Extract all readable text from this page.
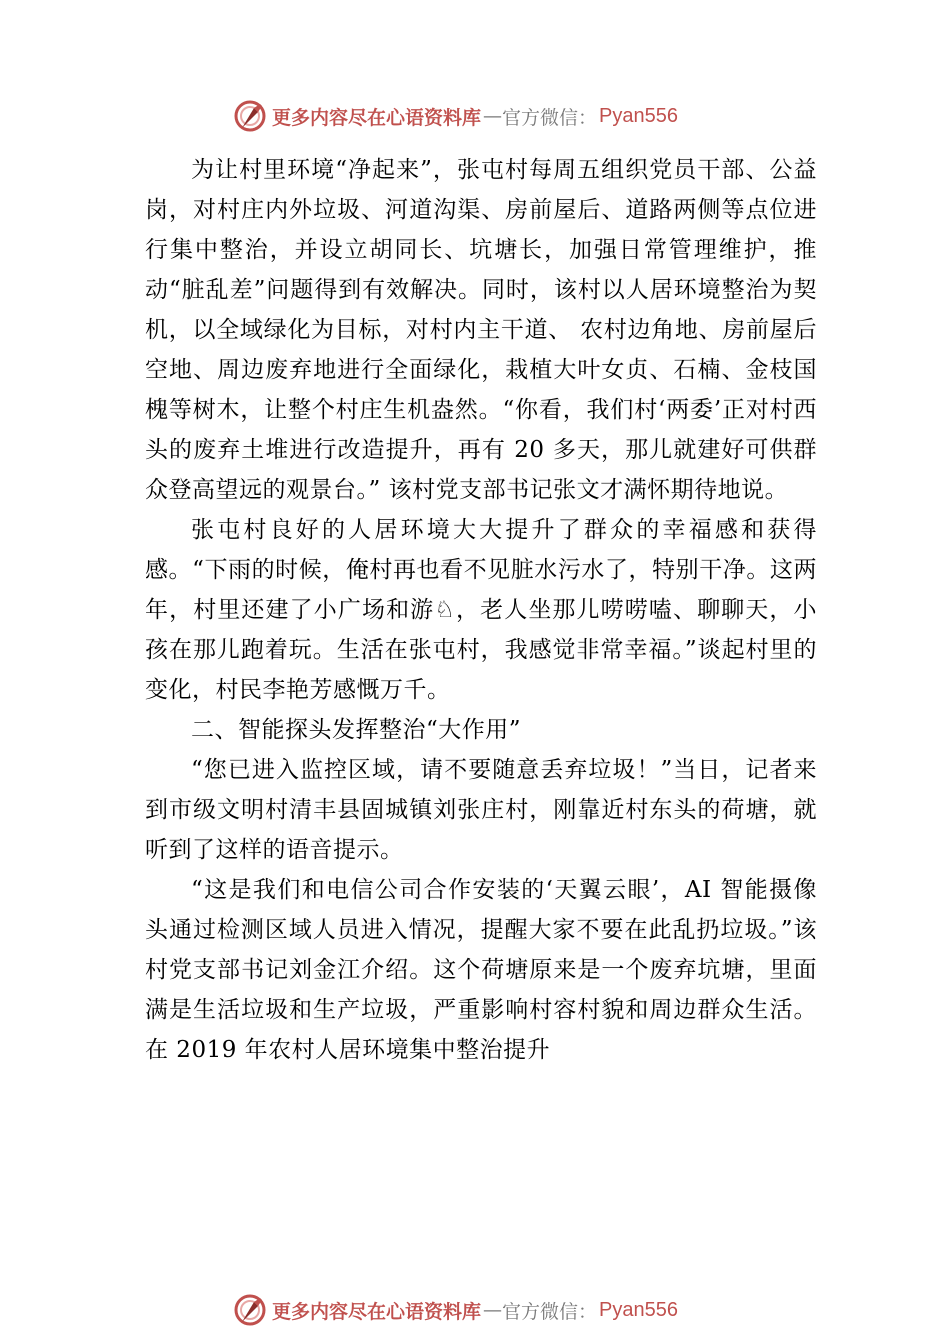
更多内容尽在心语资料库 — 官方微信： Pyan556

为让村里环境“净起来”，张屯村每周五组织党员干部、公益岗，对村庄内外垃圾、河道沟渠、房前屋后、道路两侧等点位进行集中整治，并设立胡同长、坑塘长，加强日常管理维护，推动“脏乱差”问题得到有效解决。同时，该村以人居环境整治为契机，以全域绿化为目标，对村内主干道、 农村边角地、房前屋后空地、周边废弃地进行全面绿化，栽植大叶女贞、石楠、金枝国槐等树木，让整个村庄生机盎然。“你看，我们村‘两委’正对村西头的废弃土堆进行改造提升，再有 20 多天，那儿就建好可供群众登高望远的观景台。” 该村党支部书记张文才满怀期待地说。

张屯村良好的人居环境大大提升了群众的幸福感和获得感。“下雨的时候，俺村再也看不见脏水污水了，特别干净。这两年，村里还建了小广场和游♘，老人坐那儿唠唠嗑、聊聊天，小孩在那儿跑着玩。生活在张屯村，我感觉非常幸福。”谈起村里的变化，村民李艳芳感慨万千。

二、智能探头发挥整治“大作用”

“您已进入监控区域，请不要随意丢弃垃圾！”当日，记者来到市级文明村清丰县固城镇刘张庄村，刚靠近村东头的荷塘，就听到了这样的语音提示。

“这是我们和电信公司合作安装的‘天翼云眼’，AI 智能摄像头通过检测区域人员进入情况，提醒大家不要在此乱扔垃圾。”该村党支部书记刘金江介绍。这个荷塘原来是一个废弃坑塘，里面满是生活垃圾和生产垃圾，严重影响村容村貌和周边群众生活。在 2019 年农村人居环境集中整治提升

更多内容尽在心语资料库 — 官方微信： Pyan556
